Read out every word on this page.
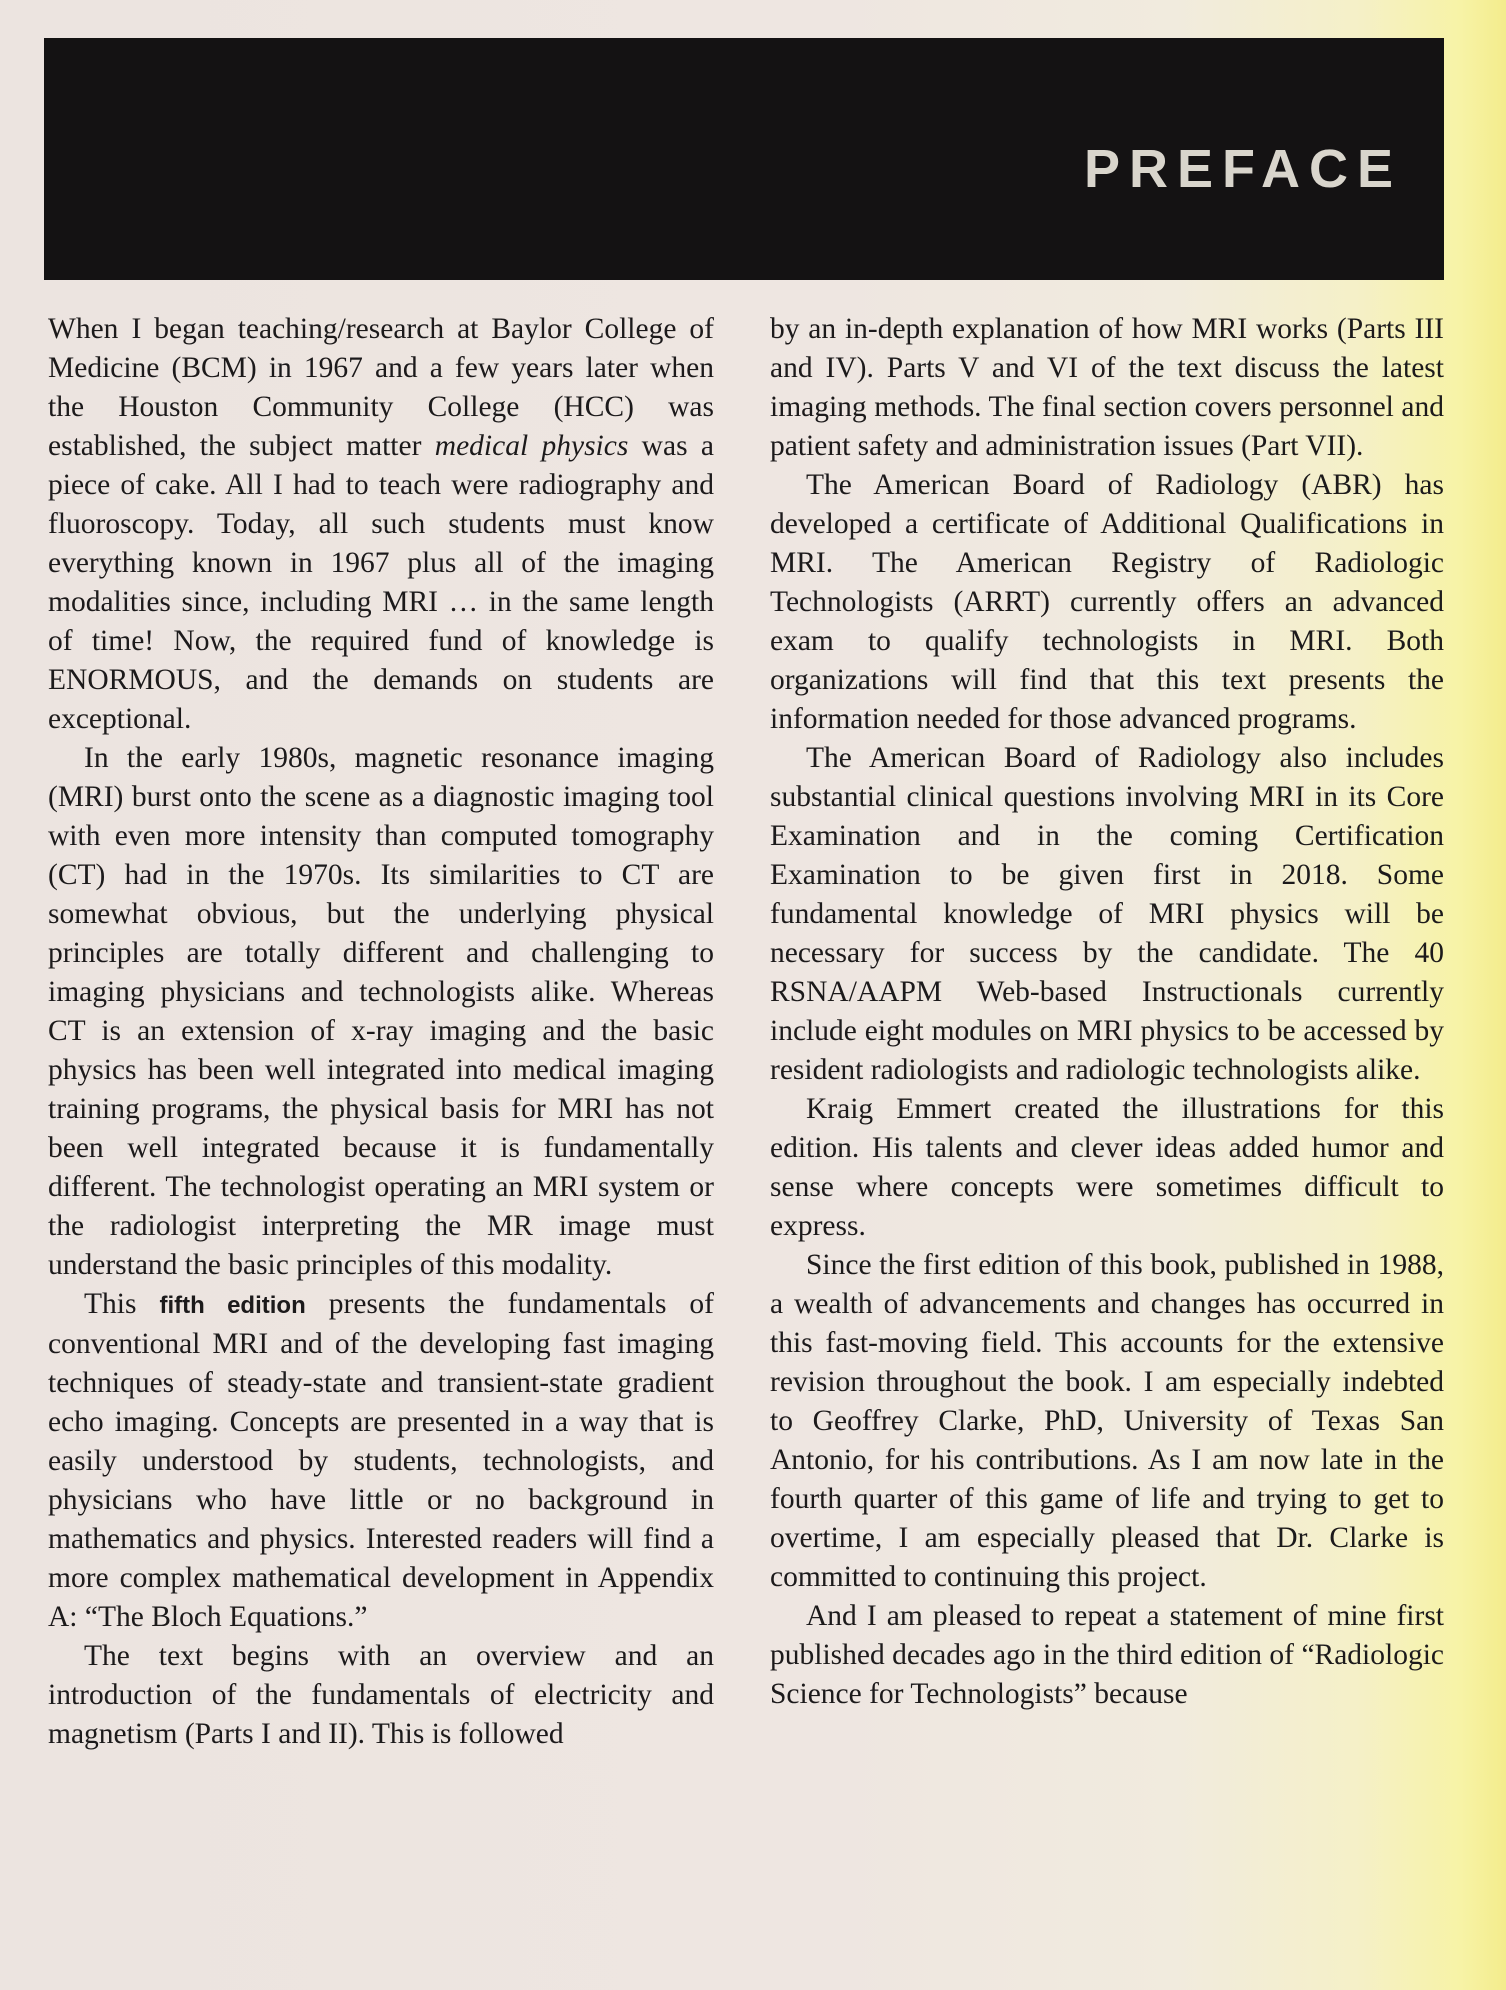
PREFACE

When I began teaching/research at Baylor College of Medicine (BCM) in 1967 and a few years later when the Houston Community College (HCC) was established, the subject matter medical physics was a piece of cake. All I had to teach were radiography and fluoroscopy. Today, all such students must know everything known in 1967 plus all of the imaging modalities since, including MRI … in the same length of time! Now, the required fund of knowledge is ENORMOUS, and the demands on students are exceptional.

In the early 1980s, magnetic resonance imaging (MRI) burst onto the scene as a diagnostic imaging tool with even more intensity than computed tomography (CT) had in the 1970s. Its similarities to CT are somewhat obvious, but the underlying physical principles are totally different and challenging to imaging physicians and technologists alike. Whereas CT is an extension of x-ray imaging and the basic physics has been well integrated into medical imaging training programs, the physical basis for MRI has not been well integrated because it is fundamentally different. The technologist operating an MRI system or the radiologist interpreting the MR image must understand the basic principles of this modality.

This fifth edition presents the fundamentals of conventional MRI and of the developing fast imaging techniques of steady-state and transient-state gradient echo imaging. Concepts are presented in a way that is easily understood by students, technologists, and physicians who have little or no background in mathematics and physics. Interested readers will find a more complex mathematical development in Appendix A: “The Bloch Equations.”

The text begins with an overview and an introduction of the fundamentals of electricity and magnetism (Parts I and II). This is followed

by an in-depth explanation of how MRI works (Parts III and IV). Parts V and VI of the text discuss the latest imaging methods. The final section covers personnel and patient safety and administration issues (Part VII).

The American Board of Radiology (ABR) has developed a certificate of Additional Qualifications in MRI. The American Registry of Radiologic Technologists (ARRT) currently offers an advanced exam to qualify technologists in MRI. Both organizations will find that this text presents the information needed for those advanced programs.

The American Board of Radiology also includes substantial clinical questions involving MRI in its Core Examination and in the coming Certification Examination to be given first in 2018. Some fundamental knowledge of MRI physics will be necessary for success by the candidate. The 40 RSNA/AAPM Web-based Instructionals currently include eight modules on MRI physics to be accessed by resident radiologists and radiologic technologists alike.

Kraig Emmert created the illustrations for this edition. His talents and clever ideas added humor and sense where concepts were sometimes difficult to express.

Since the first edition of this book, published in 1988, a wealth of advancements and changes has occurred in this fast-moving field. This accounts for the extensive revision throughout the book. I am especially indebted to Geoffrey Clarke, PhD, University of Texas San Antonio, for his contributions. As I am now late in the fourth quarter of this game of life and trying to get to overtime, I am especially pleased that Dr. Clarke is committed to continuing this project.

And I am pleased to repeat a statement of mine first published decades ago in the third edition of “Radiologic Science for Technologists” because
